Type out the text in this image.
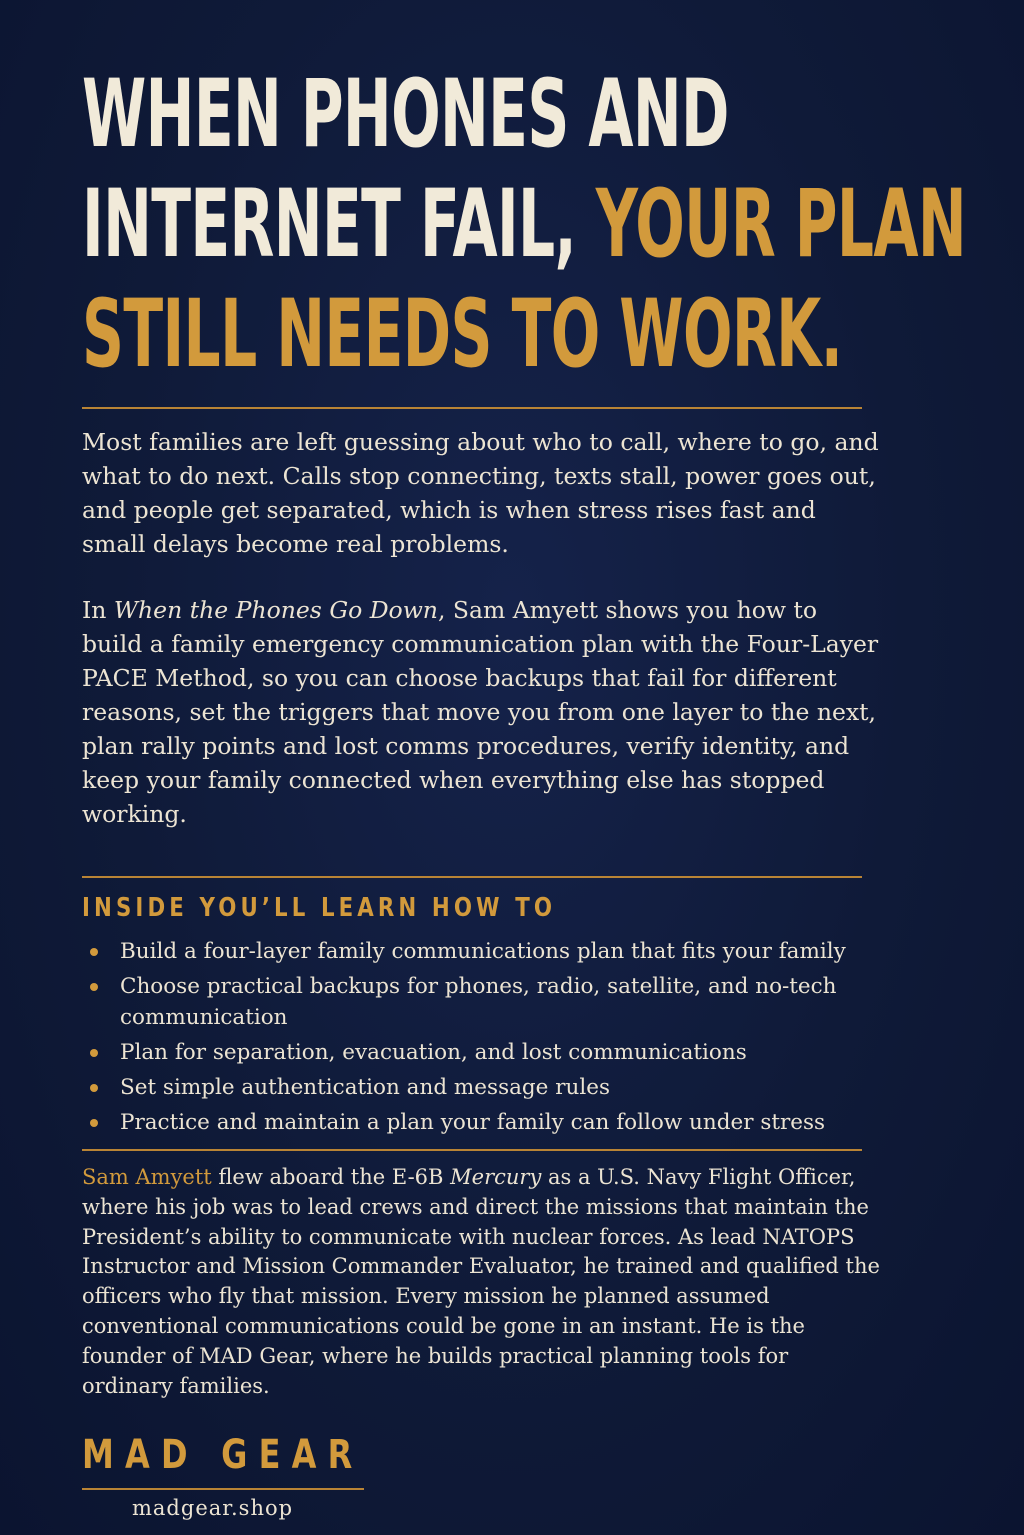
WHEN PHONES AND
INTERNET FAIL, YOUR PLAN
STILL NEEDS TO WORK.

Most families are left guessing about who to call, where to go, and what to do next. Calls stop connecting, texts stall, power goes out, and people get separated, which is when stress rises fast and small delays become real problems.

In When the Phones Go Down, Sam Amyett shows you how to build a family emergency communication plan with the Four-Layer PACE Method, so you can choose backups that fail for different reasons, set the triggers that move you from one layer to the next, plan rally points and lost comms procedures, verify identity, and keep your family connected when everything else has stopped working.

INSIDE YOU’LL LEARN HOW TO
Build a four-layer family communications plan that fits your family
Choose practical backups for phones, radio, satellite, and no-tech communication
Plan for separation, evacuation, and lost communications
Set simple authentication and message rules
Practice and maintain a plan your family can follow under stress

Sam Amyett flew aboard the E-6B Mercury as a U.S. Navy Flight Officer, where his job was to lead crews and direct the missions that maintain the President’s ability to communicate with nuclear forces. As lead NATOPS Instructor and Mission Commander Evaluator, he trained and qualified the officers who fly that mission. Every mission he planned assumed conventional communications could be gone in an instant. He is the founder of MAD Gear, where he builds practical planning tools for ordinary families.

MAD GEAR
madgear.shop
